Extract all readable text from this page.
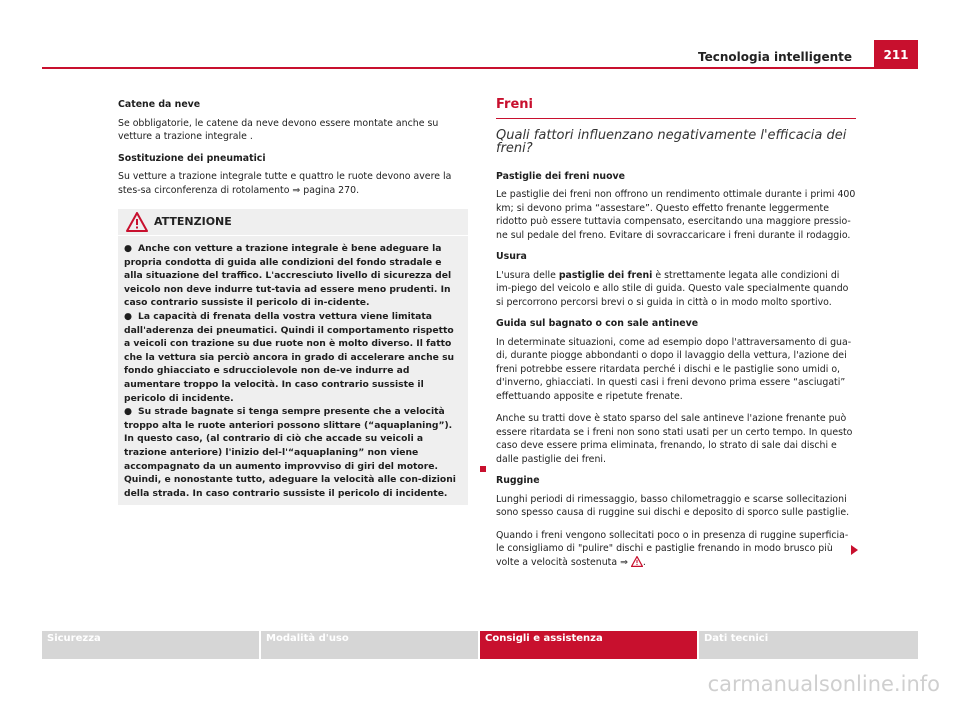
Tecnologia intelligente	211
Catene da neve
Se obbligatorie, le catene da neve devono essere montate anche su vetture a trazione integrale .
Sostituzione dei pneumatici
Su vetture a trazione integrale tutte e quattro le ruote devono avere la stes-sa circonferenza di rotolamento ⇒ pagina 270.
ATTENZIONE
● Anche con vetture a trazione integrale è bene adeguare la propria condotta di guida alle condizioni del fondo stradale e alla situazione del traffico. L'accresciuto livello di sicurezza del veicolo non deve indurre tut-tavia ad essere meno prudenti. In caso contrario sussiste il pericolo di in-cidente.
● La capacità di frenata della vostra vettura viene limitata dall'aderenza dei pneumatici. Quindi il comportamento rispetto a veicoli con trazione su due ruote non è molto diverso. Il fatto che la vettura sia perciò ancora in grado di accelerare anche su fondo ghiacciato e sdrucciolevole non de-ve indurre ad aumentare troppo la velocità. In caso contrario sussiste il pericolo di incidente.
● Su strade bagnate si tenga sempre presente che a velocità troppo alta le ruote anteriori possono slittare (“aquaplaning”). In questo caso, (al contrario di ciò che accade su veicoli a trazione anteriore) l'inizio del-l'“aquaplaning” non viene accompagnato da un aumento improvviso di giri del motore. Quindi, e nonostante tutto, adeguare la velocità alle con-dizioni della strada. In caso contrario sussiste il pericolo di incidente.
Freni
Quali fattori influenzano negativamente l'efficacia dei freni?
Pastiglie dei freni nuove
Le pastiglie dei freni non offrono un rendimento ottimale durante i primi 400 km; si devono prima “assestare”. Questo effetto frenante leggermente ridotto può essere tuttavia compensato, esercitando una maggiore pressio-ne sul pedale del freno. Evitare di sovraccaricare i freni durante il rodaggio.
Usura
L'usura delle pastiglie dei freni è strettamente legata alle condizioni di im-piego del veicolo e allo stile di guida. Questo vale specialmente quando si percorrono percorsi brevi o si guida in città o in modo molto sportivo.
Guida sul bagnato o con sale antineve
In determinate situazioni, come ad esempio dopo l'attraversamento di gua-di, durante piogge abbondanti o dopo il lavaggio della vettura, l'azione dei freni potrebbe essere ritardata perché i dischi e le pastiglie sono umidi o, d'inverno, ghiacciati. In questi casi i freni devono prima essere “asciugati” effettuando apposite e ripetute frenate.
Anche su tratti dove è stato sparso del sale antineve l'azione frenante può essere ritardata se i freni non sono stati usati per un certo tempo. In questo caso deve essere prima eliminata, frenando, lo strato di sale dai dischi e dalle pastiglie dei freni.
Ruggine
Lunghi periodi di rimessaggio, basso chilometraggio e scarse sollecitazioni sono spesso causa di ruggine sui dischi e deposito di sporco sulle pastiglie.
Quando i freni vengono sollecitati poco o in presenza di ruggine superficia-le consigliamo di "pulire" dischi e pastiglie frenando in modo brusco più volte a velocità sostenuta ⇒ .
Sicurezza	Modalità d'uso	Consigli e assistenza	Dati tecnici
carmanualsonline.info
